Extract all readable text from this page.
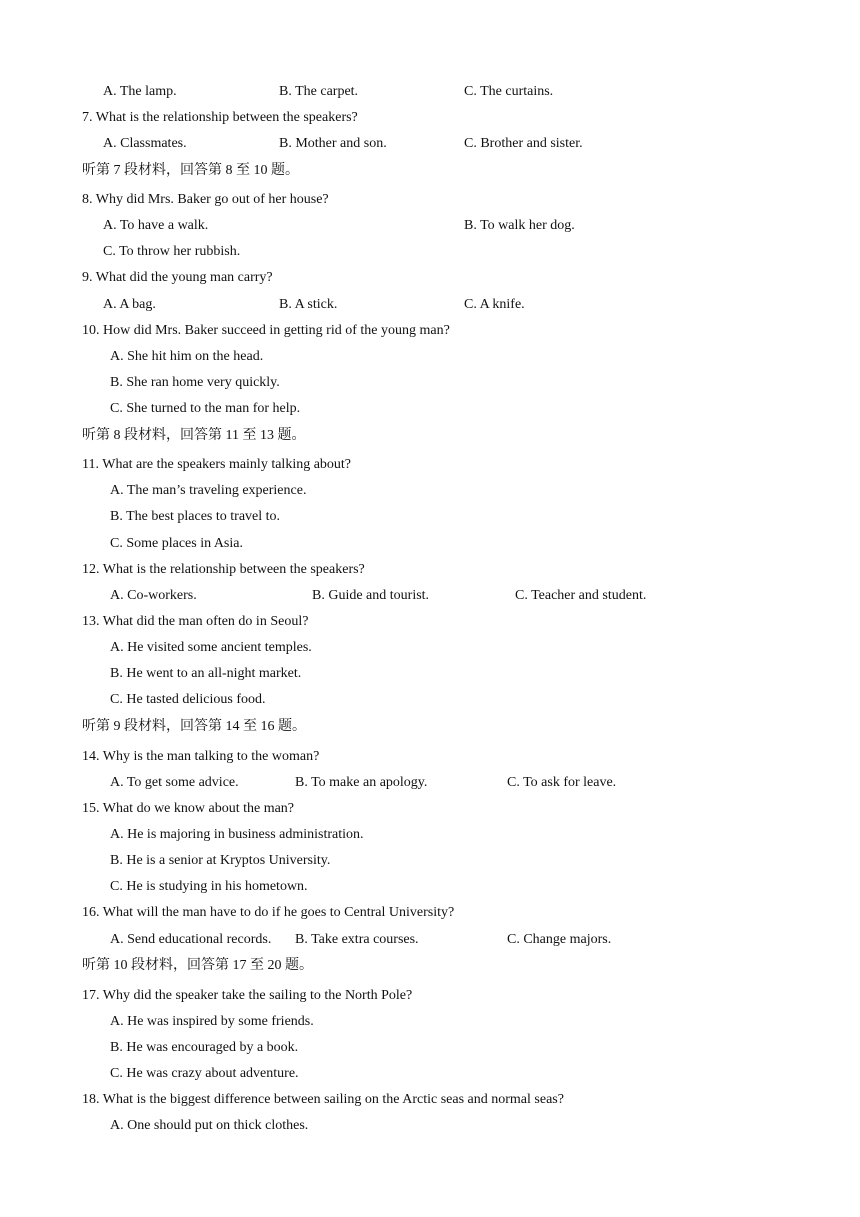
A. The lamp.	B. The carpet.	C. The curtains.
7. What is the relationship between the speakers?
A. Classmates.	B. Mother and son.	C. Brother and sister.
听第 7 段材料，回答第 8 至 10 题。
8. Why did Mrs. Baker go out of her house?
A. To have a walk.	B. To walk her dog.
C. To throw her rubbish.
9. What did the young man carry?
A. A bag.	B. A stick.	C. A knife.
10. How did Mrs. Baker succeed in getting rid of the young man?
A. She hit him on the head.
B. She ran home very quickly.
C. She turned to the man for help.
听第 8 段材料，回答第 11 至 13 题。
11. What are the speakers mainly talking about?
A. The man’s traveling experience.
B. The best places to travel to.
C. Some places in Asia.
12. What is the relationship between the speakers?
A. Co-workers.	B. Guide and tourist.	C. Teacher and student.
13. What did the man often do in Seoul?
A. He visited some ancient temples.
B. He went to an all-night market.
C. He tasted delicious food.
听第 9 段材料，回答第 14 至 16 题。
14. Why is the man talking to the woman?
A. To get some advice.	B. To make an apology.	C. To ask for leave.
15. What do we know about the man?
A. He is majoring in business administration.
B. He is a senior at Kryptos University.
C. He is studying in his hometown.
16. What will the man have to do if he goes to Central University?
A. Send educational records. B. Take extra courses.	C. Change majors.
听第 10 段材料，回答第 17 至 20 题。
17. Why did the speaker take the sailing to the North Pole?
A. He was inspired by some friends.
B. He was encouraged by a book.
C. He was crazy about adventure.
18. What is the biggest difference between sailing on the Arctic seas and normal seas?
A. One should put on thick clothes.
